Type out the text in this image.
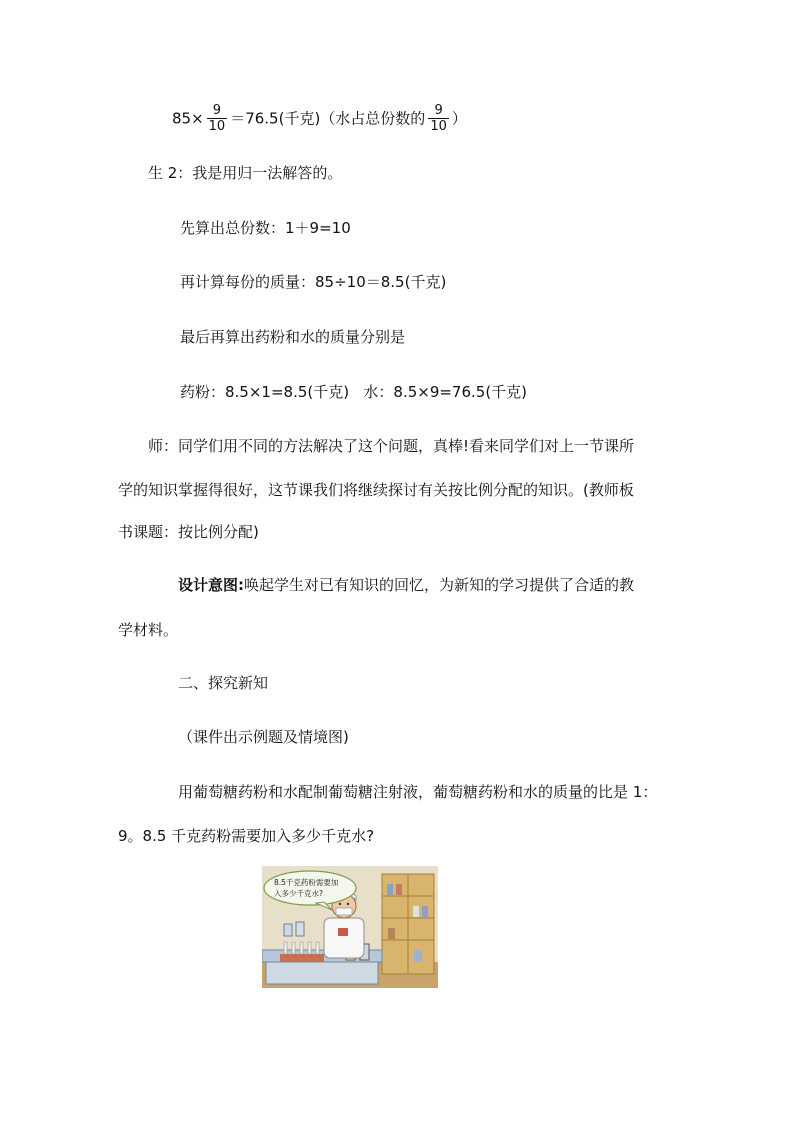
$85\times \frac{9}{10} =76.5$(千克)（水占总份数的 $\frac{9}{10}$ ）
生 2：我是用归一法解答的。
先算出总份数：1＋9=10
再计算每份的质量：85÷10＝8.5(千克)
最后再算出药粉和水的质量分别是
药粉：8.5×1=8.5(千克)   水：8.5×9=76.5(千克)
师：同学们用不同的方法解决了这个问题，真棒!看来同学们对上一节课所
学的知识掌握得很好，这节课我们将继续探讨有关按比例分配的知识。(教师板
书课题：按比例分配)
设计意图:唤起学生对已有知识的回忆，为新知的学习提供了合适的教
学材料。
二、探究新知
（课件出示例题及情境图)
用葡萄糖药粉和水配制葡萄糖注射液，葡萄糖药粉和水的质量的比是 1：
9。8.5 千克药粉需要加入多少千克水?
8.5千克药粉需要加
入多少千克水?
